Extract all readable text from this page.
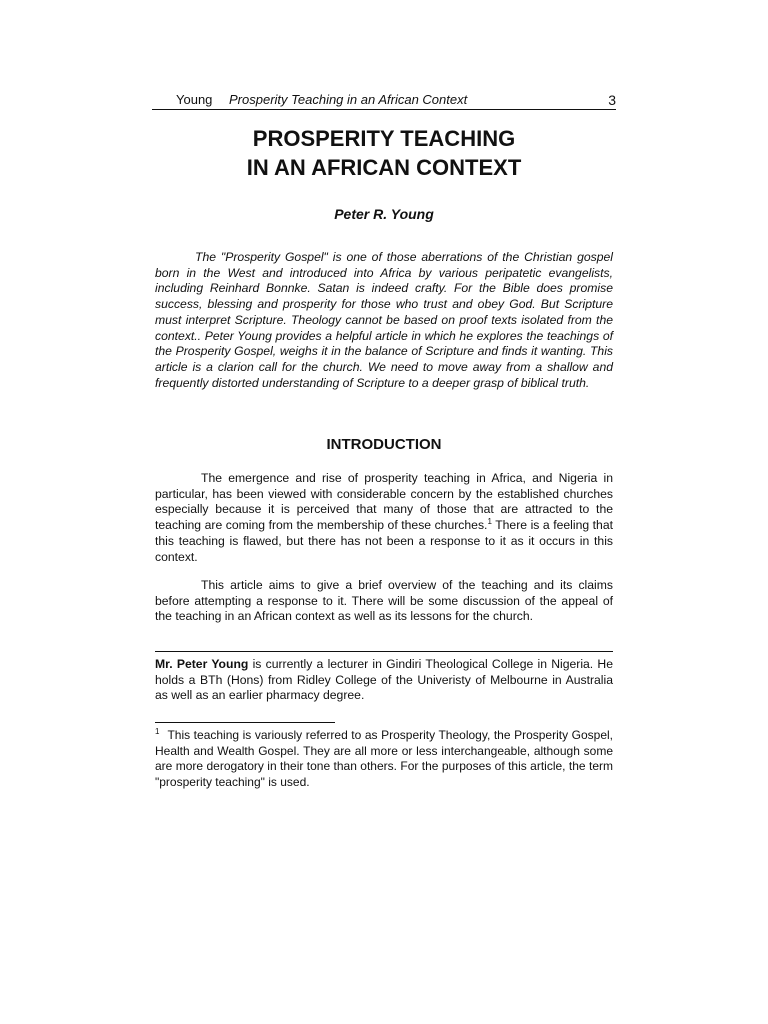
Young Prosperity Teaching in an African Context	3
PROSPERITY TEACHING
IN AN AFRICAN CONTEXT

Peter R. Young

The "Prosperity Gospel" is one of those aberrations of the Christian gospel born in the West and introduced into Africa by various peripatetic evangelists, including Reinhard Bonnke. Satan is indeed crafty. For the Bible does promise success, blessing and prosperity for those who trust and obey God. But Scripture must interpret Scripture. Theology cannot be based on proof texts isolated from the context.. Peter Young provides a helpful article in which he explores the teachings of the Prosperity Gospel, weighs it in the balance of Scripture and finds it wanting. This article is a clarion call for the church. We need to move away from a shallow and frequently distorted understanding of Scripture to a deeper grasp of biblical truth.

INTRODUCTION

The emergence and rise of prosperity teaching in Africa, and Nigeria in particular, has been viewed with considerable concern by the established churches especially because it is perceived that many of those that are attracted to the teaching are coming from the membership of these churches.$^1$ There is a feeling that this teaching is flawed, but there has not been a response to it as it occurs in this context.

This article aims to give a brief overview of the teaching and its claims before attempting a response to it. There will be some discussion of the appeal of the teaching in an African context as well as its lessons for the church.

Mr. Peter Young is currently a lecturer in Gindiri Theological College in Nigeria. He holds a BTh (Hons) from Ridley College of the Univeristy of Melbourne in Australia as well as an earlier pharmacy degree.

$^1$ This teaching is variously referred to as Prosperity Theology, the Prosperity Gospel, Health and Wealth Gospel. They are all more or less interchangeable, although some are more derogatory in their tone than others. For the purposes of this article, the term "prosperity teaching" is used.
